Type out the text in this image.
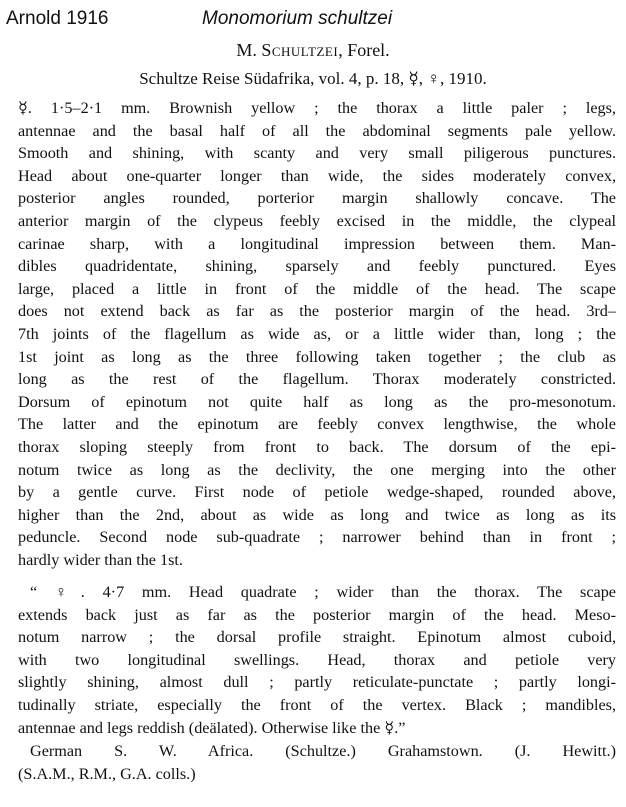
Arnold 1916	Monomorium schultzei
M. Schultzei, Forel.
Schultze Reise Südafrika, vol. 4, p. 18, ☿, ♀, 1910.
☿. 1·5–2·1 mm. Brownish yellow ; the thorax a little paler ; legs,
antennae and the basal half of all the abdominal segments pale yellow.
Smooth and shining, with scanty and very small piligerous punctures.
Head about one-quarter longer than wide, the sides moderately convex,
posterior angles rounded, porterior margin shallowly concave. The
anterior margin of the clypeus feebly excised in the middle, the clypeal
carinae sharp, with a longitudinal impression between them. Man-
dibles quadridentate, shining, sparsely and feebly punctured. Eyes
large, placed a little in front of the middle of the head. The scape
does not extend back as far as the posterior margin of the head. 3rd–
7th joints of the flagellum as wide as, or a little wider than, long ; the
1st joint as long as the three following taken together ; the club as
long as the rest of the flagellum. Thorax moderately constricted.
Dorsum of epinotum not quite half as long as the pro-mesonotum.
The latter and the epinotum are feebly convex lengthwise, the whole
thorax sloping steeply from front to back. The dorsum of the epi-
notum twice as long as the declivity, the one merging into the other
by a gentle curve. First node of petiole wedge-shaped, rounded above,
higher than the 2nd, about as wide as long and twice as long as its
peduncle. Second node sub-quadrate ; narrower behind than in front ;
hardly wider than the 1st.
“ ♀. 4·7 mm. Head quadrate ; wider than the thorax. The scape
extends back just as far as the posterior margin of the head. Meso-
notum narrow ; the dorsal profile straight. Epinotum almost cuboid,
with two longitudinal swellings. Head, thorax and petiole very
slightly shining, almost dull ; partly reticulate-punctate ; partly longi-
tudinally striate, especially the front of the vertex. Black ; mandibles,
antennae and legs reddish (deälated). Otherwise like the ☿.”
German S. W. Africa. (Schultze.) Grahamstown. (J. Hewitt.)
(S.A.M., R.M., G.A. colls.)
